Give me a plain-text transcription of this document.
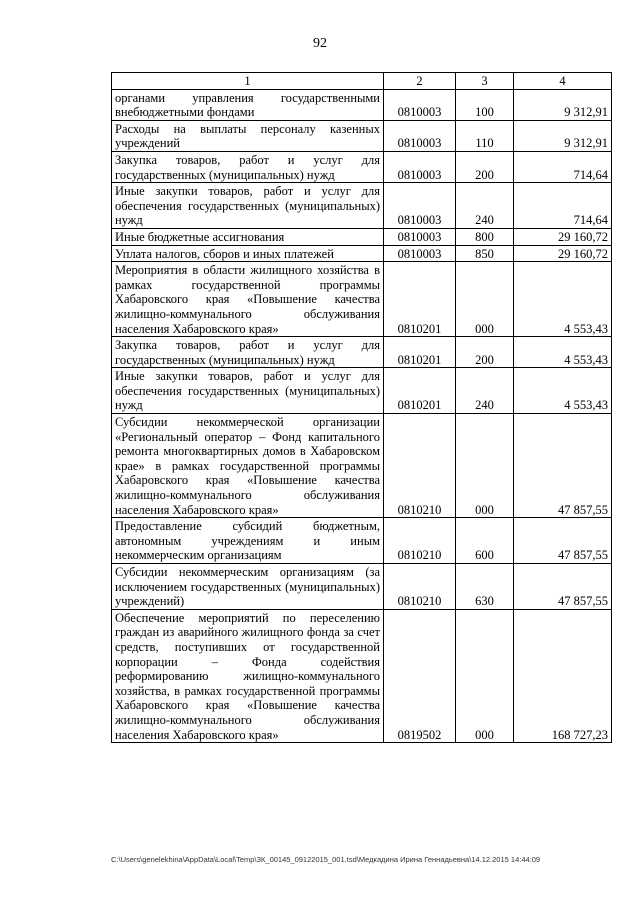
92
1	2	3	4
органами управления государственными внебюджетными фондами	0810003	100	9 312,91
Расходы на выплаты персоналу казенных учреждений	0810003	110	9 312,91
Закупка товаров, работ и услуг для государственных (муниципальных) нужд	0810003	200	714,64
Иные закупки товаров, работ и услуг для обеспечения государственных (муниципальных) нужд	0810003	240	714,64
Иные бюджетные ассигнования	0810003	800	29 160,72
Уплата налогов, сборов и иных платежей	0810003	850	29 160,72
Мероприятия в области жилищного хозяйства в рамках государственной программы Хабаровского края «Повышение качества жилищно-коммунального обслуживания населения Хабаровского края»	0810201	000	4 553,43
Закупка товаров, работ и услуг для государственных (муниципальных) нужд	0810201	200	4 553,43
Иные закупки товаров, работ и услуг для обеспечения государственных (муниципальных) нужд	0810201	240	4 553,43
Субсидии некоммерческой организации «Региональный оператор – Фонд капитального ремонта многоквартирных домов в Хабаровском крае» в рамках государственной программы Хабаровского края «Повышение качества жилищно-коммунального обслуживания населения Хабаровского края»	0810210	000	47 857,55
Предоставление субсидий бюджетным, автономным учреждениям и иным некоммерческим организациям	0810210	600	47 857,55
Субсидии некоммерческим организациям (за исключением государственных (муниципальных) учреждений)	0810210	630	47 857,55
Обеспечение мероприятий по переселению граждан из аварийного жилищного фонда за счет средств, поступивших от государственной корпорации – Фонда содействия реформированию жилищно-коммунального хозяйства, в рамках государственной программы Хабаровского края «Повышение качества жилищно-коммунального обслуживания населения Хабаровского края»	0819502	000	168 727,23
C:\Users\genelekhina\AppData\Local\Temp\ЗК_00145_09122015_001.tsd\Медкадина Ирина Геннадьевна\14.12.2015 14:44:09
